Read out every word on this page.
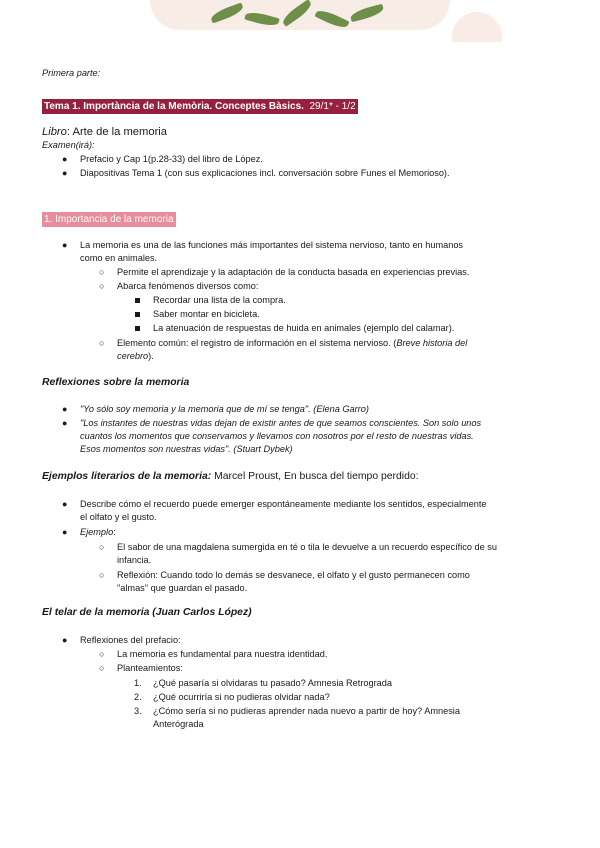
Primera parte:
Tema 1. Importància de la Memòria. Conceptes Bàsics. 29/1* - 1/2
Libro: Arte de la memoria
Examen(irá):
● Prefacio y Cap 1(p.28-33) del libro de López.
● Diapositivas Tema 1 (con sus explicaciones incl. conversación sobre Funes el Memorioso).
1. Importancia de la memoria
● La memoria es una de las funciones más importantes del sistema nervioso, tanto en humanos
como en animales.
○ Permite el aprendizaje y la adaptación de la conducta basada en experiencias previas.
○ Abarca fenómenos diversos como:
Recordar una lista de la compra.
Saber montar en bicicleta.
La atenuación de respuestas de huida en animales (ejemplo del calamar).
○ Elemento común: el registro de información en el sistema nervioso. (Breve historia del
cerebro).
Reflexiones sobre la memoria
● "Yo sólo soy memoria y la memoria que de mí se tenga". (Elena Garro)
● "Los instantes de nuestras vidas dejan de existir antes de que seamos conscientes. Son solo unos
cuantos los momentos que conservamos y llevamos con nosotros por el resto de nuestras vidas.
Esos momentos son nuestras vidas". (Stuart Dybek)
Ejemplos literarios de la memoria: Marcel Proust, En busca del tiempo perdido:
● Describe cómo el recuerdo puede emerger espontáneamente mediante los sentidos, especialmente
el olfato y el gusto.
● Ejemplo:
○ El sabor de una magdalena sumergida en té o tila le devuelve a un recuerdo específico de su
infancia.
○ Reflexión: Cuando todo lo demás se desvanece, el olfato y el gusto permanecen como
"almas" que guardan el pasado.
El telar de la memoria (Juan Carlos López)
● Reflexiones del prefacio:
○ La memoria es fundamental para nuestra identidad.
○ Planteamientos:
1. ¿Qué pasaría si olvidaras tu pasado? Amnesia Retrograda
2. ¿Qué ocurriría si no pudieras olvidar nada?
3. ¿Cómo sería si no pudieras aprender nada nuevo a partir de hoy? Amnesia
Anterógrada
